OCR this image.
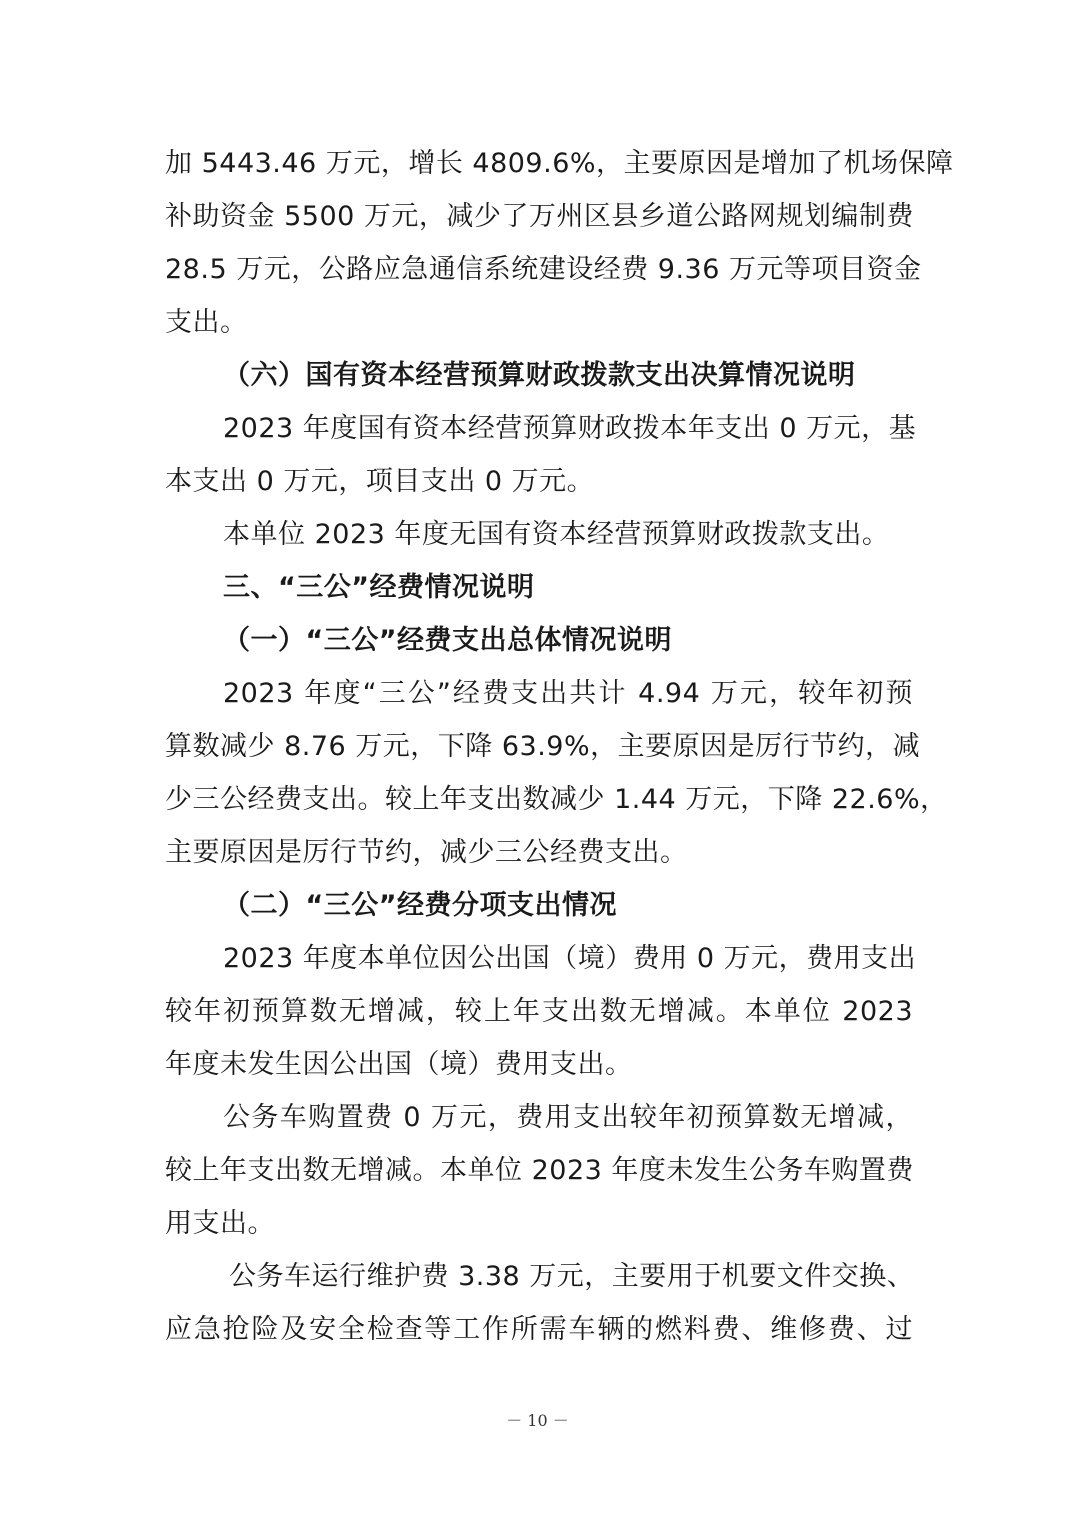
加 5443.46 万元，增长 4809.6%，主要原因是增加了机场保障
补助资金 5500 万元，减少了万州区县乡道公路网规划编制费
28.5 万元，公路应急通信系统建设经费 9.36 万元等项目资金
支出。
（六）国有资本经营预算财政拨款支出决算情况说明
2023 年度国有资本经营预算财政拨本年支出 0 万元，基
本支出 0 万元，项目支出 0 万元。
本单位 2023 年度无国有资本经营预算财政拨款支出。
三、“三公”经费情况说明
（一）“三公”经费支出总体情况说明
2023 年度“三公”经费支出共计 4.94 万元，较年初预
算数减少 8.76 万元，下降 63.9%，主要原因是厉行节约，减
少三公经费支出。较上年支出数减少 1.44 万元，下降 22.6%，
主要原因是厉行节约，减少三公经费支出。
（二）“三公”经费分项支出情况
2023 年度本单位因公出国（境）费用 0 万元，费用支出
较年初预算数无增减，较上年支出数无增减。本单位 2023
年度未发生因公出国（境）费用支出。
公务车购置费 0 万元，费用支出较年初预算数无增减，
较上年支出数无增减。本单位 2023 年度未发生公务车购置费
用支出。
公务车运行维护费 3.38 万元，主要用于机要文件交换、
应急抢险及安全检查等工作所需车辆的燃料费、维修费、过
－ 10 －
